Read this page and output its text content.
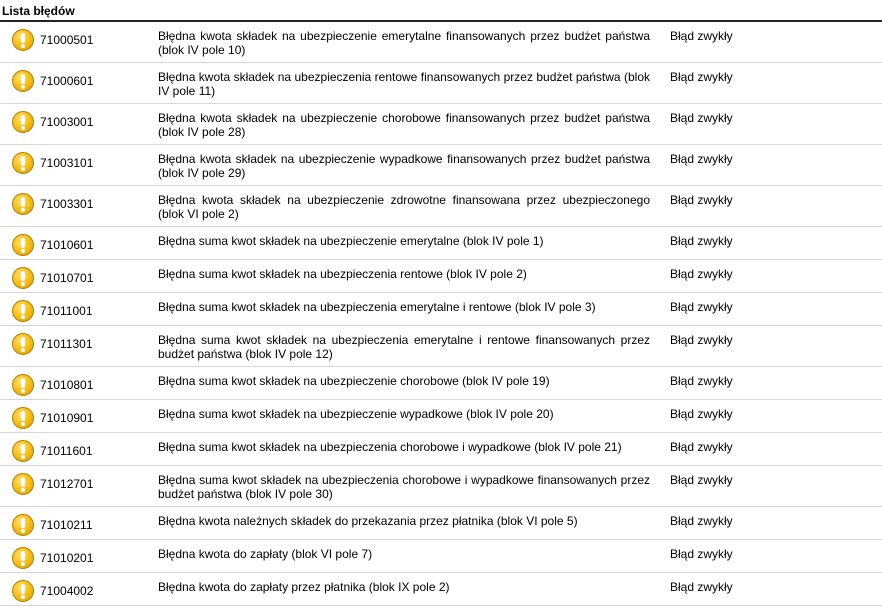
Lista błędów
71000501	Błędna kwota składek na ubezpieczenie emerytalne finansowanych przez budżet państwa (blok IV pole 10)
Błąd zwykły
71000601	Błędna kwota składek na ubezpieczenia rentowe finansowanych przez budżet państwa (blok IV pole 11)
Błąd zwykły
71003001	Błędna kwota składek na ubezpieczenie chorobowe finansowanych przez budżet państwa (blok IV pole 28)
Błąd zwykły
71003101	Błędna kwota składek na ubezpieczenie wypadkowe finansowanych przez budżet państwa (blok IV pole 29)
Błąd zwykły
71003301	Błędna kwota składek na ubezpieczenie zdrowotne finansowana przez ubezpieczonego (blok VI pole 2)
Błąd zwykły
71010601	Błędna suma kwot składek na ubezpieczenie emerytalne (blok IV pole 1)	Błąd zwykły
71010701	Błędna suma kwot składek na ubezpieczenia rentowe (blok IV pole 2)	Błąd zwykły
71011001	Błędna suma kwot składek na ubezpieczenia emerytalne i rentowe (blok IV pole 3)	Błąd zwykły
71011301	Błędna suma kwot składek na ubezpieczenia emerytalne i rentowe finansowanych przez budżet państwa (blok IV pole 12)
Błąd zwykły
71010801	Błędna suma kwot składek na ubezpieczenie chorobowe (blok IV pole 19)	Błąd zwykły
71010901	Błędna suma kwot składek na ubezpieczenie wypadkowe (blok IV pole 20)	Błąd zwykły
71011601	Błędna suma kwot składek na ubezpieczenia chorobowe i wypadkowe (blok IV pole 21)	Błąd zwykły
71012701	Błędna suma kwot składek na ubezpieczenia chorobowe i wypadkowe finansowanych przez budżet państwa (blok IV pole 30)
Błąd zwykły
71010211	Błędna kwota należnych składek do przekazania przez płatnika (blok VI pole 5)	Błąd zwykły
71010201	Błędna kwota do zapłaty (blok VI pole 7)	Błąd zwykły
71004002	Błędna kwota do zapłaty przez płatnika (blok IX pole 2)	Błąd zwykły
